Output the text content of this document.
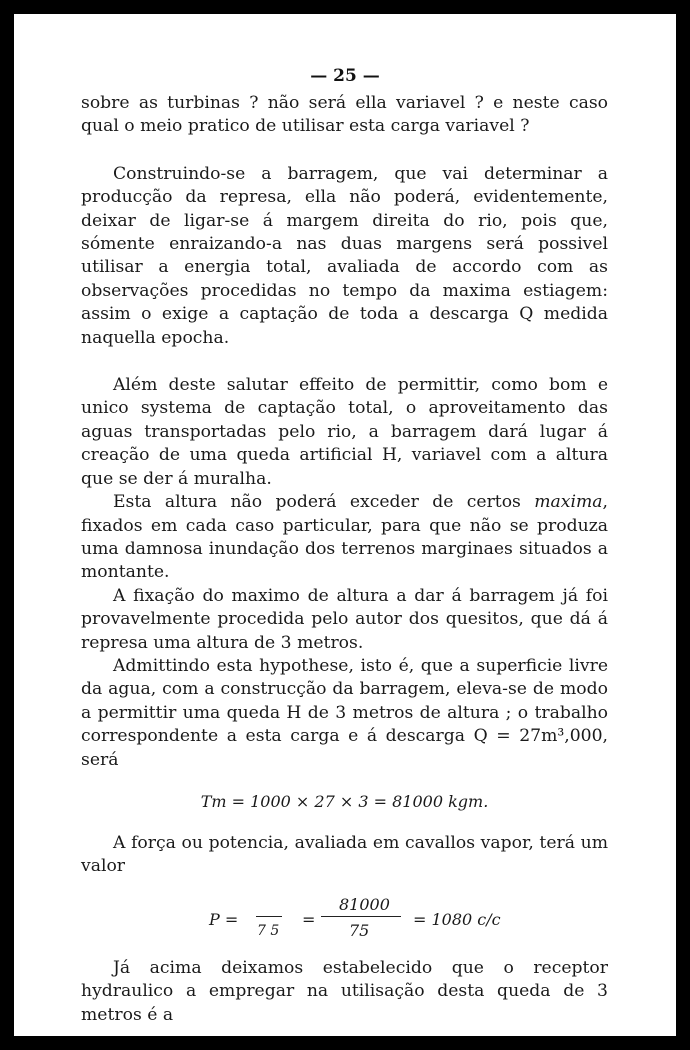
— 25 —

sobre as turbinas ? não será ella variavel ? e neste caso qual o meio pratico de utilisar esta carga variavel ?

Construindo-se a barragem, que vai determinar a producção da represa, ella não poderá, evidentemente, deixar de ligar-se á margem direita do rio, pois que, sómente enraizando-a nas duas margens será possivel utilisar a energia total, avaliada de accordo com as observações procedidas no tempo da maxima estiagem: assim o exige a captação de toda a descarga Q medida naquella epocha.

Além deste salutar effeito de permittir, como bom e unico systema de captação total, o aproveitamento das aguas transportadas pelo rio, a barragem dará lugar á creação de uma queda artificial H, variavel com a altura que se der á muralha.

Esta altura não poderá exceder de certos maxima, fixados em cada caso particular, para que não se produza uma damnosa inundação dos terrenos marginaes situados a montante.

A fixação do maximo de altura a dar á barragem já foi provavelmente procedida pelo autor dos quesitos, que dá á represa uma altura de 3 metros.

Admittindo esta hypothese, isto é, que a superficie livre da agua, com a construcção da barragem, eleva-se de modo a permittir uma queda H de 3 metros de altura ; o trabalho correspondente a esta carga e á descarga Q = 27m³,000, será

Tm = 1000 × 27 × 3 = 81000 kgm.

A força ou potencia, avaliada em cavallos vapor, terá um valor

P =
7 5
=
81000
75
= 1080 c/c

Já acima deixamos estabelecido que o receptor hydraulico a empregar na utilisação desta queda de 3 metros é a
